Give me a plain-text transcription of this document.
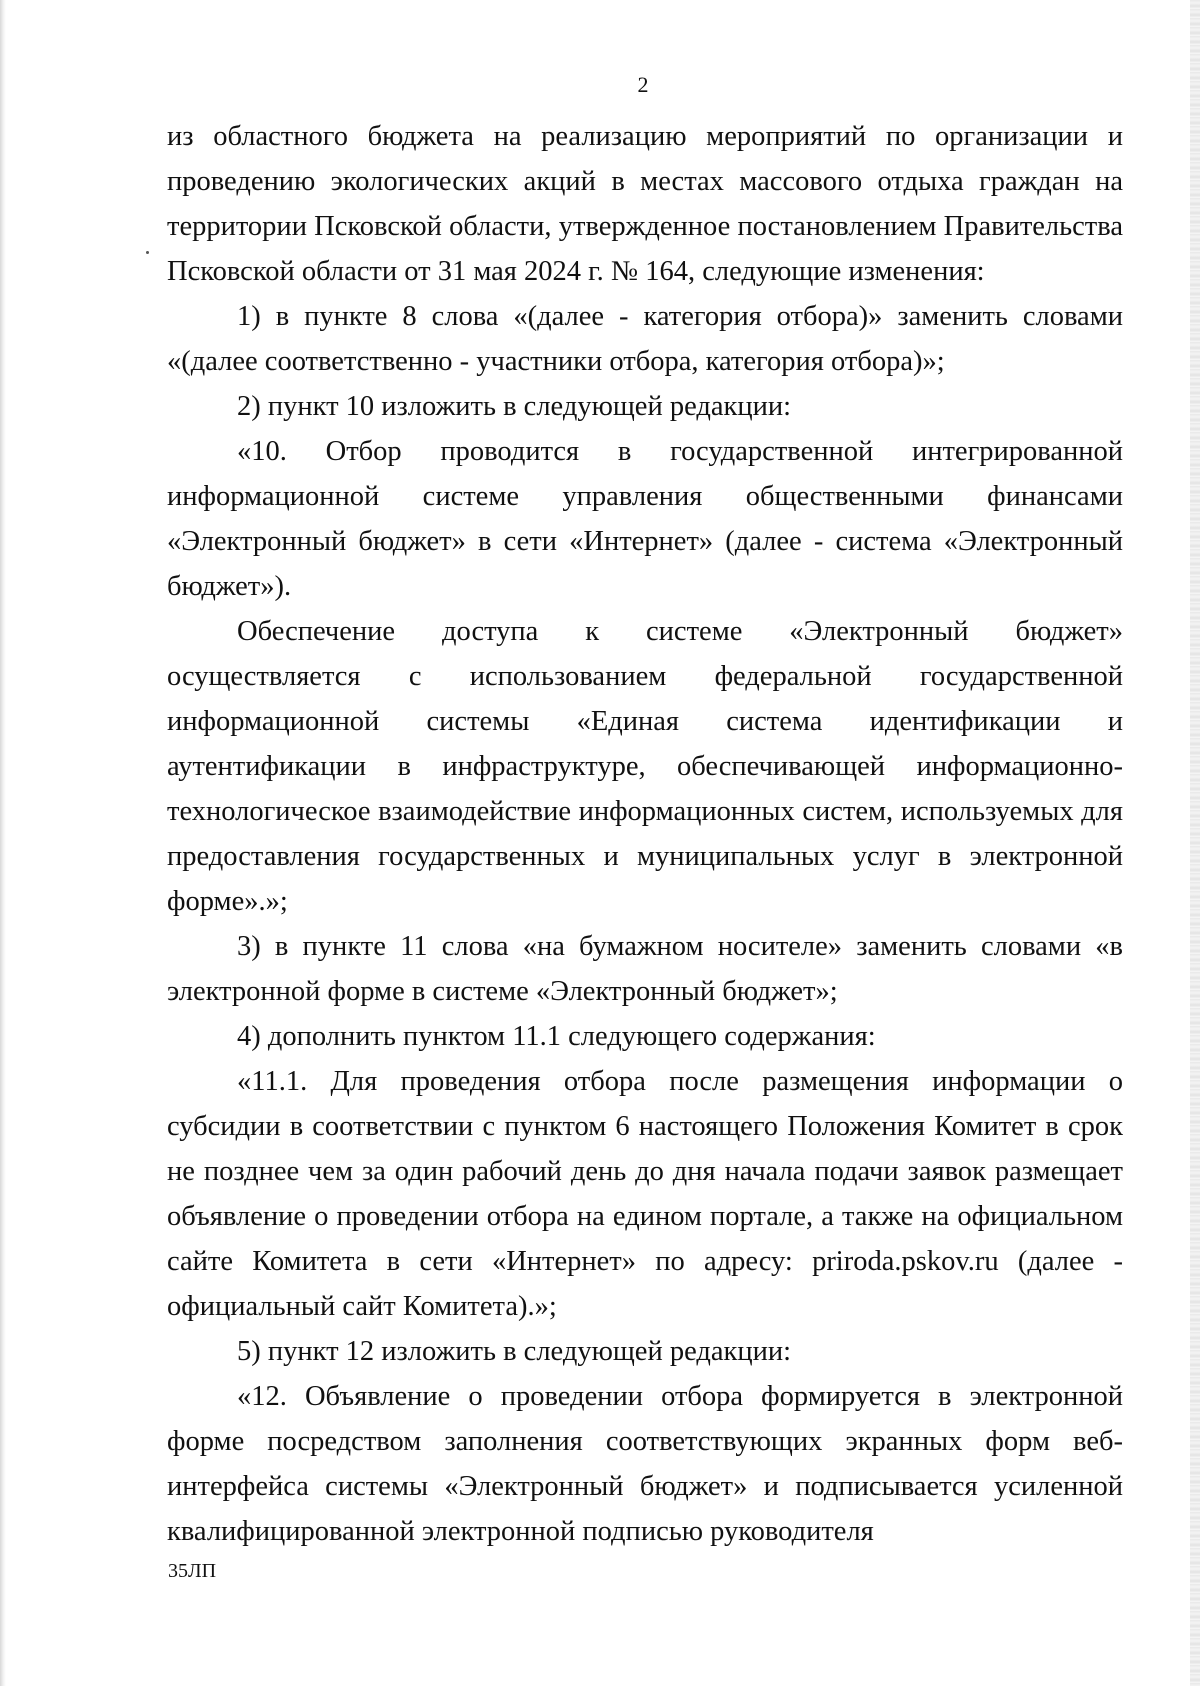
2

из областного бюджета на реализацию мероприятий по организации и проведению экологических акций в местах массового отдыха граждан на территории Псковской области, утвержденное постановлением Правительства Псковской области от 31 мая 2024 г. № 164, следующие изменения:

1) в пункте 8 слова «(далее - категория отбора)» заменить словами «(далее соответственно - участники отбора, категория отбора)»;

2) пункт 10 изложить в следующей редакции:

«10. Отбор проводится в государственной интегрированной информационной системе управления общественными финансами «Электронный бюджет» в сети «Интернет» (далее - система «Электронный бюджет»).

Обеспечение доступа к системе «Электронный бюджет» осуществляется с использованием федеральной государственной информационной системы «Единая система идентификации и аутентификации в инфраструктуре, обеспечивающей информационно-технологическое взаимодействие информационных систем, используемых для предоставления государственных и муниципальных услуг в электронной форме».»;

3) в пункте 11 слова «на бумажном носителе» заменить словами «в электронной форме в системе «Электронный бюджет»;

4) дополнить пунктом 11.1 следующего содержания:

«11.1. Для проведения отбора после размещения информации о субсидии в соответствии с пунктом 6 настоящего Положения Комитет в срок не позднее чем за один рабочий день до дня начала подачи заявок размещает объявление о проведении отбора на едином портале, а также на официальном сайте Комитета в сети «Интернет» по адресу: priroda.pskov.ru (далее - официальный сайт Комитета).»;

5) пункт 12 изложить в следующей редакции:

«12. Объявление о проведении отбора формируется в электронной форме посредством заполнения соответствующих экранных форм веб-интерфейса системы «Электронный бюджет» и подписывается усиленной квалифицированной электронной подписью руководителя

35ЛП
